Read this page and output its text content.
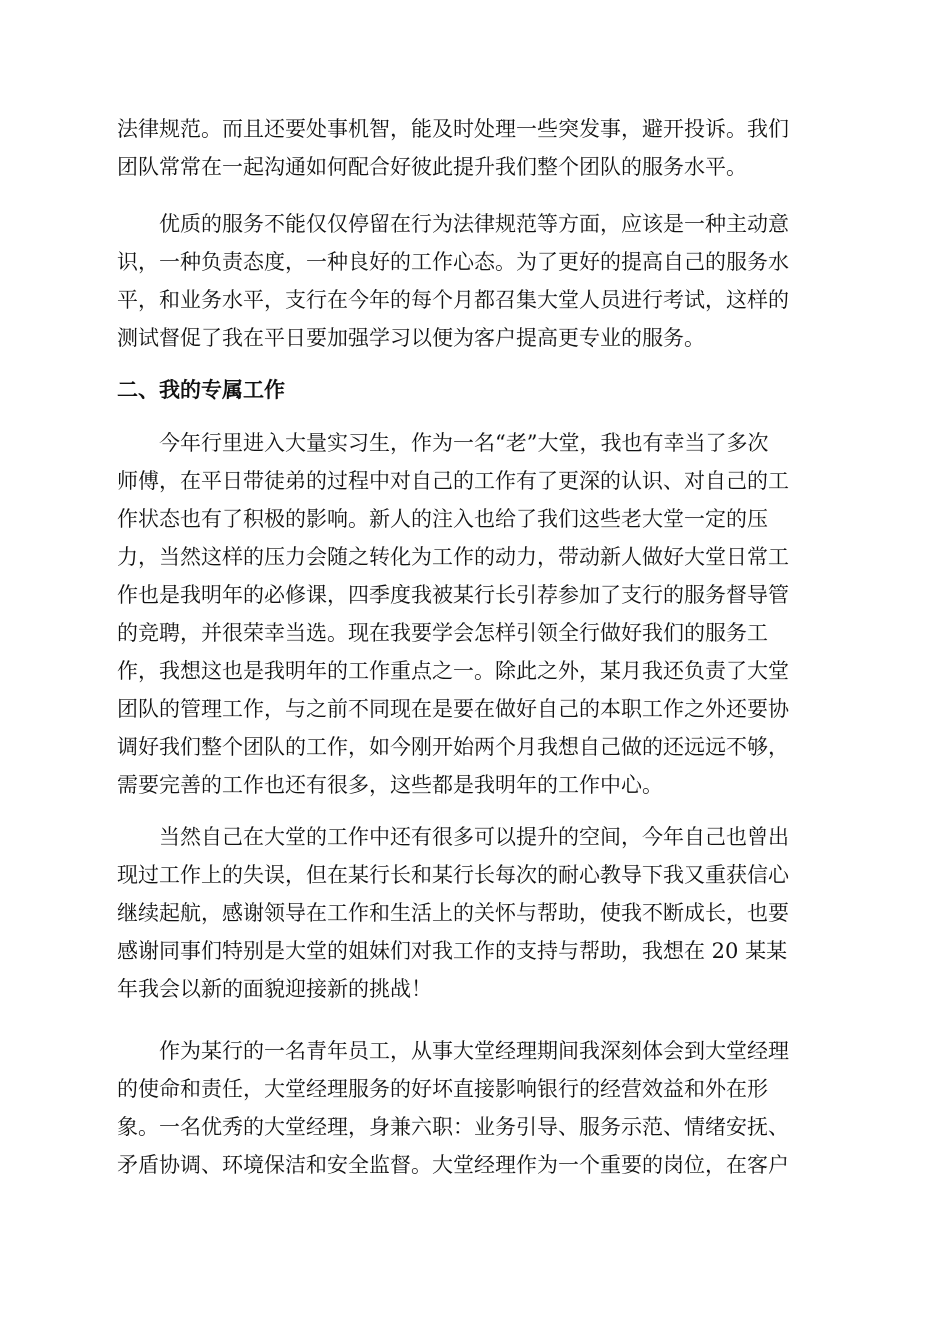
法律规范。而且还要处事机智，能及时处理一些突发事，避开投诉。我们
团队常常在一起沟通如何配合好彼此提升我们整个团队的服务水平。
　　优质的服务不能仅仅停留在行为法律规范等方面，应该是一种主动意
识，一种负责态度，一种良好的工作心态。为了更好的提高自己的服务水
平，和业务水平，支行在今年的每个月都召集大堂人员进行考试，这样的
测试督促了我在平日要加强学习以便为客户提高更专业的服务。
二、我的专属工作
　　今年行里进入大量实习生，作为一名“老”大堂，我也有幸当了多次
师傅，在平日带徒弟的过程中对自己的工作有了更深的认识、对自己的工
作状态也有了积极的影响。新人的注入也给了我们这些老大堂一定的压
力，当然这样的压力会随之转化为工作的动力，带动新人做好大堂日常工
作也是我明年的必修课，四季度我被某行长引荐参加了支行的服务督导管
的竞聘，并很荣幸当选。现在我要学会怎样引领全行做好我们的服务工
作，我想这也是我明年的工作重点之一。除此之外，某月我还负责了大堂
团队的管理工作，与之前不同现在是要在做好自己的本职工作之外还要协
调好我们整个团队的工作，如今刚开始两个月我想自己做的还远远不够，
需要完善的工作也还有很多，这些都是我明年的工作中心。
　　当然自己在大堂的工作中还有很多可以提升的空间，今年自己也曾出
现过工作上的失误，但在某行长和某行长每次的耐心教导下我又重获信心
继续起航，感谢领导在工作和生活上的关怀与帮助，使我不断成长，也要
感谢同事们特别是大堂的姐妹们对我工作的支持与帮助，我想在 20 某某
年我会以新的面貌迎接新的挑战！
　　作为某行的一名青年员工，从事大堂经理期间我深刻体会到大堂经理
的使命和责任，大堂经理服务的好坏直接影响银行的经营效益和外在形
象。一名优秀的大堂经理，身兼六职：业务引导、服务示范、情绪安抚、
矛盾协调、环境保洁和安全监督。大堂经理作为一个重要的岗位，在客户
